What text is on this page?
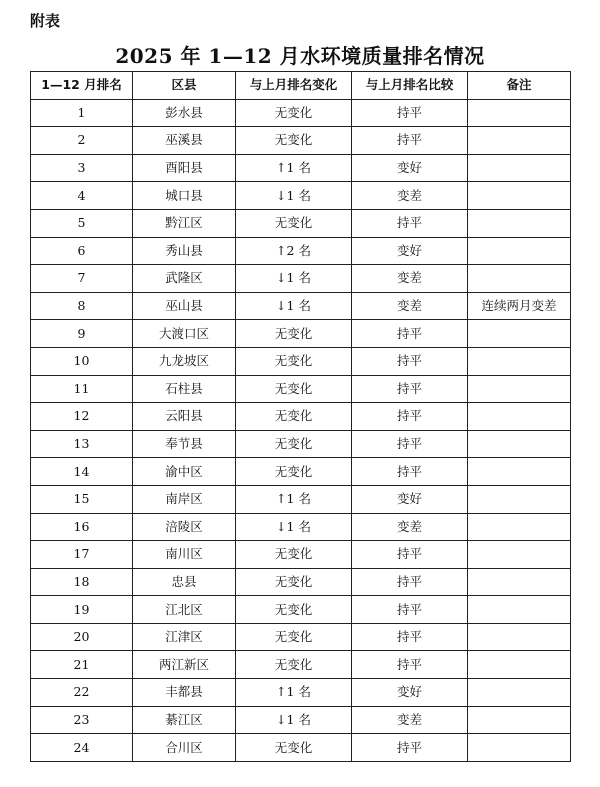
附表
2025 年 1—12 月水环境质量排名情况
1—12 月排名	区县	与上月排名变化	与上月排名比较	备注
1	彭水县	无变化	持平	
2	巫溪县	无变化	持平	
3	酉阳县	↑1 名	变好	
4	城口县	↓1 名	变差	
5	黔江区	无变化	持平	
6	秀山县	↑2 名	变好	
7	武隆区	↓1 名	变差	
8	巫山县	↓1 名	变差	连续两月变差
9	大渡口区	无变化	持平	
10	九龙坡区	无变化	持平	
11	石柱县	无变化	持平	
12	云阳县	无变化	持平	
13	奉节县	无变化	持平	
14	渝中区	无变化	持平	
15	南岸区	↑1 名	变好	
16	涪陵区	↓1 名	变差	
17	南川区	无变化	持平	
18	忠县	无变化	持平	
19	江北区	无变化	持平	
20	江津区	无变化	持平	
21	两江新区	无变化	持平	
22	丰都县	↑1 名	变好	
23	綦江区	↓1 名	变差	
24	合川区	无变化	持平	
